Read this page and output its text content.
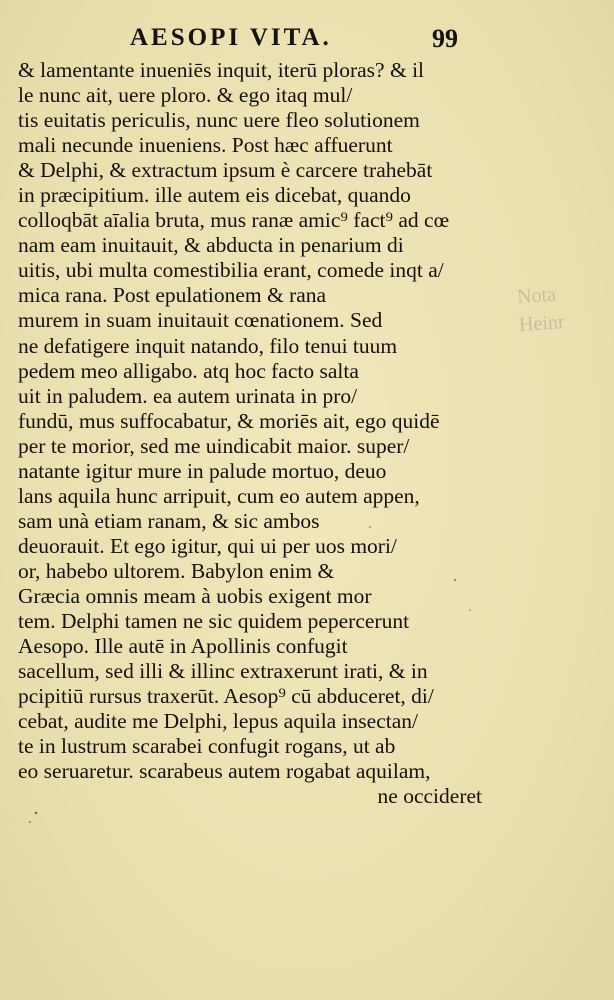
AESOPI VITA.	99
& lamentante inueniēs inquit, iterū ploras? & il
le nunc ait, uere ploro. & ego itaq mul/
tis euitatis periculis, nunc uere fleo solutionem
mali necunde inueniens. Post hæc affuerunt
& Delphi, & extractum ipsum è carcere trahebāt
in præcipitium. ille autem eis dicebat, quando
colloqbāt aīalia bruta, mus ranæ amic⁹ fact⁹ ad cœ
nam eam inuitauit, & abducta in penarium di
uitis, ubi multa comestibilia erant, comede inqt a/
mica rana. Post epulationem & rana
murem in suam inuitauit cœnationem. Sed
ne defatigere inquit natando, filo tenui tuum
pedem meo alligabo. atq hoc facto salta
uit in paludem. ea autem urinata in pro/
fundū, mus suffocabatur, & moriēs ait, ego quidē
per te morior, sed me uindicabit maior. super/
natante igitur mure in palude mortuo, deuo
lans aquila hunc arripuit, cum eo autem appen,
sam unà etiam ranam, & sic ambos
deuorauit. Et ego igitur, qui ui per uos mori/
or, habebo ultorem. Babylon enim &
Græcia omnis meam à uobis exigent mor
tem. Delphi tamen ne sic quidem pepercerunt
Aesopo. Ille autē in Apollinis confugit
sacellum, sed illi & illinc extraxerunt irati, & in
pcipitiū rursus traxerūt. Aesop⁹ cū abduceret, di/
cebat, audite me Delphi, lepus aquila insectan/
te in lustrum scarabei confugit rogans, ut ab
eo seruaretur. scarabeus autem rogabat aquilam,
ne occideret
Nota
Heinr
